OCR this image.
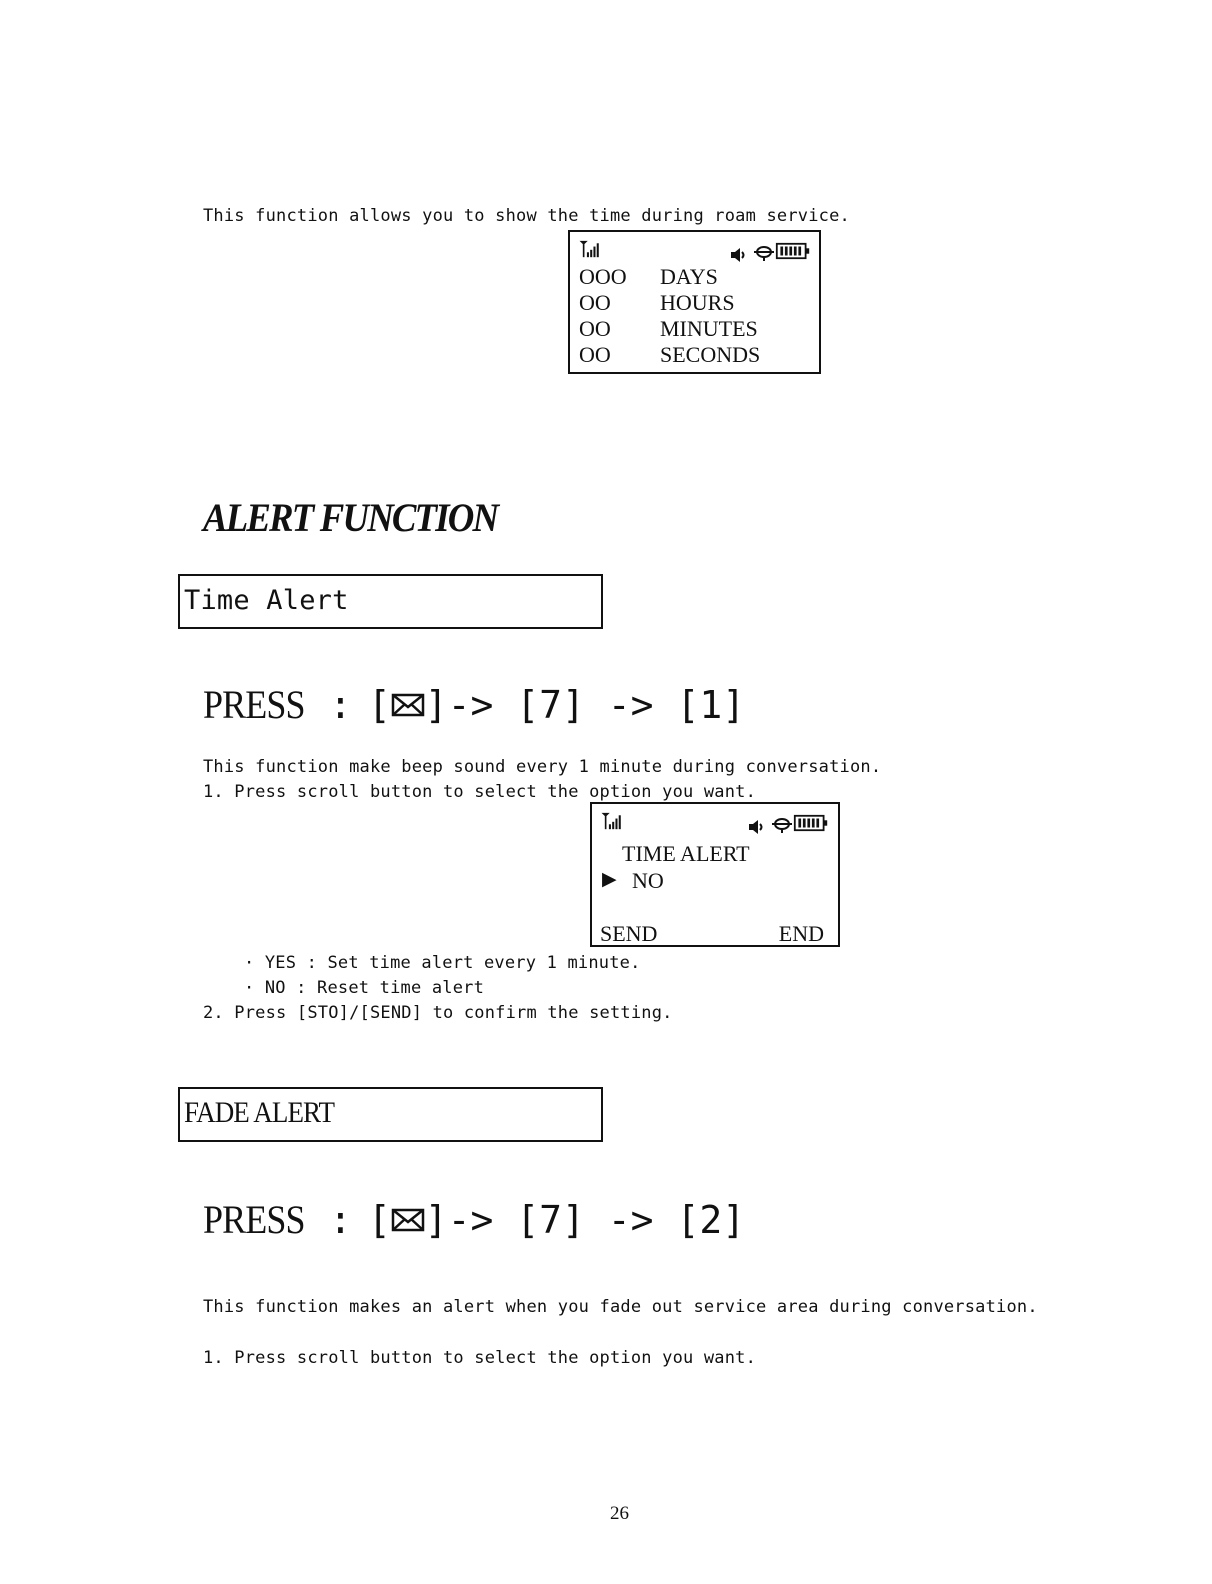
This function allows you to show the time during roam service.
OOO DAYS
OO HOURS
OO MINUTES
OO SECONDS
ALERT FUNCTION
Time Alert
PRESS : [ ]-> [7] -> [1]
This function make beep sound every 1 minute during conversation.
1. Press scroll button to select the option you want.
TIME ALERT
▶ NO
SEND	END
· YES : Set time alert every 1 minute.
· NO : Reset time alert
2. Press [STO]/[SEND] to confirm the setting.
FADE ALERT
PRESS : [ ]-> [7] -> [2]
This function makes an alert when you fade out service area during conversation.
1. Press scroll button to select the option you want.
26
